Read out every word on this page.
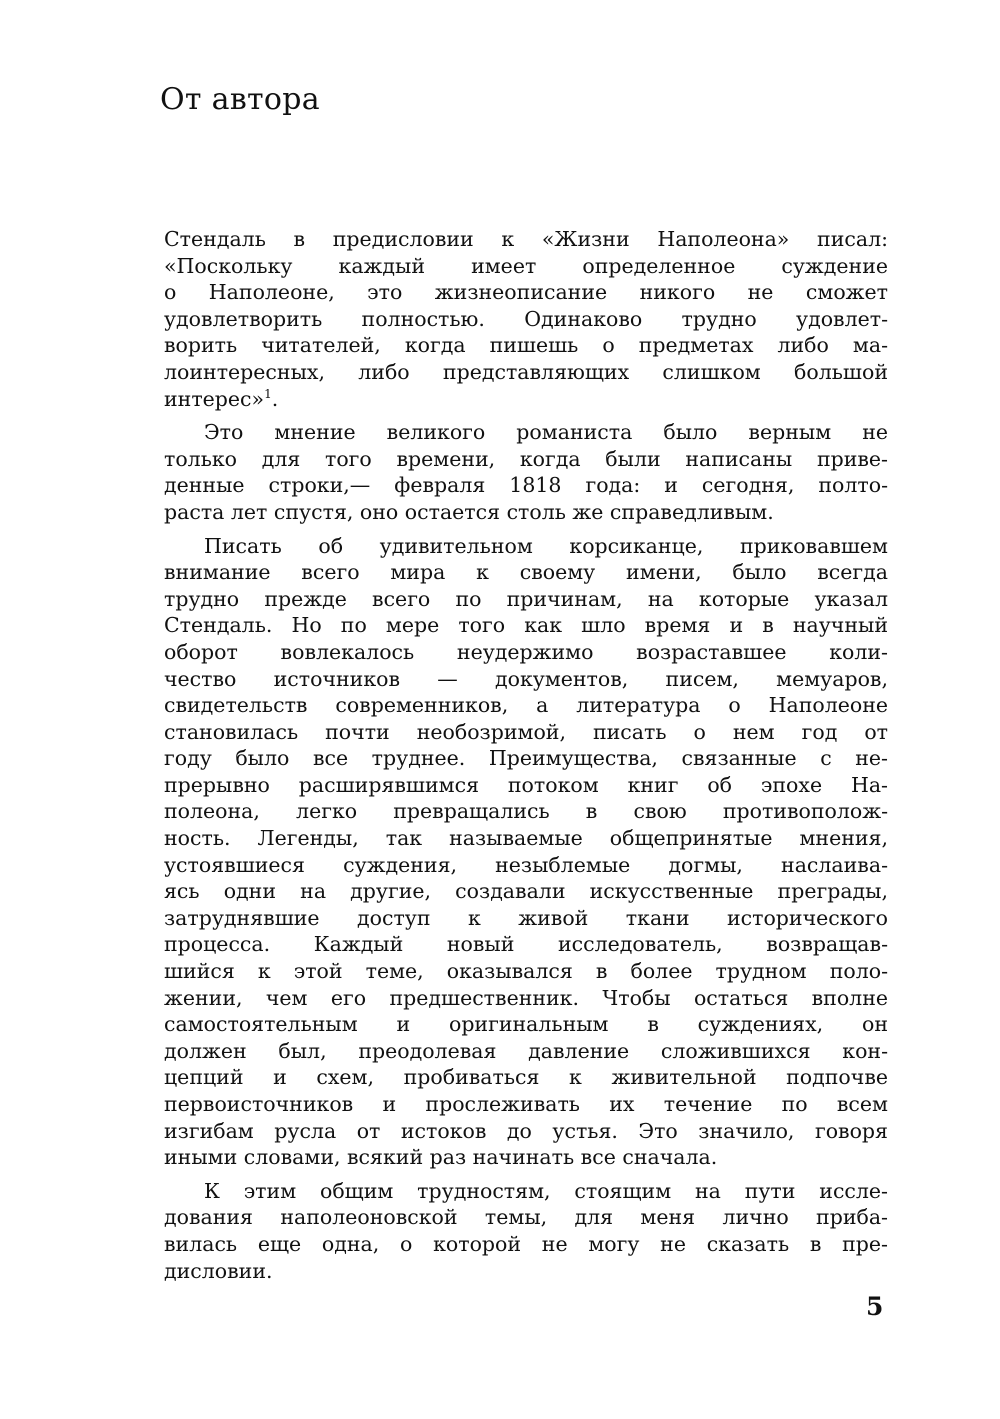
От автора

Стендаль в предисловии к «Жизни Наполеона» писал:
«Поскольку каждый имеет определенное суждение
о Наполеоне, это жизнеописание никого не сможет
удовлетворить полностью. Одинаково трудно удовлет-
ворить читателей, когда пишешь о предметах либо ма-
лоинтересных, либо представляющих слишком большой
интерес»$^1$.

Это мнение великого романиста было верным не
только для того времени, когда были написаны приве-
денные строки,— февраля 1818 года: и сегодня, полто-
раста лет спустя, оно остается столь же справедливым.

Писать об удивительном корсиканце, приковавшем
внимание всего мира к своему имени, было всегда
трудно прежде всего по причинам, на которые указал
Стендаль. Но по мере того как шло время и в научный
оборот вовлекалось неудержимо возраставшее коли-
чество источников — документов, писем, мемуаров,
свидетельств современников, а литература о Наполеоне
становилась почти необозримой, писать о нем год от
году было все труднее. Преимущества, связанные с не-
прерывно расширявшимся потоком книг об эпохе На-
полеона, легко превращались в свою противополож-
ность. Легенды, так называемые общепринятые мнения,
устоявшиеся суждения, незыблемые догмы, наслаива-
ясь одни на другие, создавали искусственные преграды,
затруднявшие доступ к живой ткани исторического
процесса. Каждый новый исследователь, возвращав-
шийся к этой теме, оказывался в более трудном поло-
жении, чем его предшественник. Чтобы остаться вполне
самостоятельным и оригинальным в суждениях, он
должен был, преодолевая давление сложившихся кон-
цепций и схем, пробиваться к живительной подпочве
первоисточников и прослеживать их течение по всем
изгибам русла от истоков до устья. Это значило, говоря
иными словами, всякий раз начинать все сначала.

К этим общим трудностям, стоящим на пути иссле-
дования наполеоновской темы, для меня лично приба-
вилась еще одна, о которой не могу не сказать в пре-
дисловии.

5
